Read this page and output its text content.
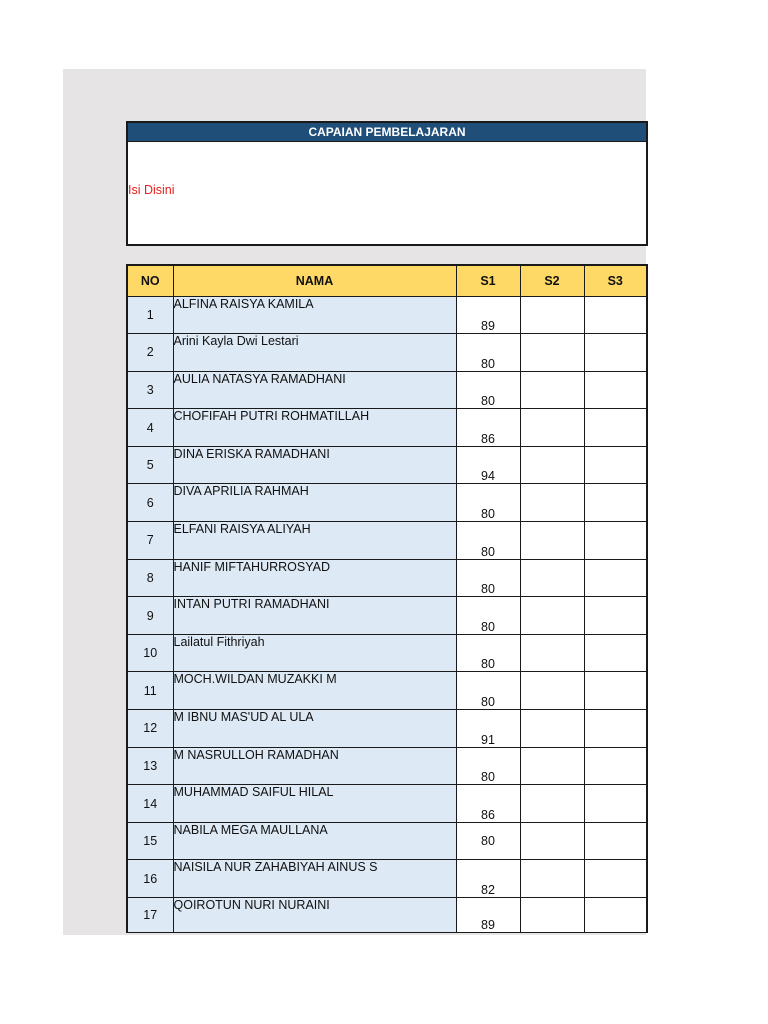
CAPAIAN PEMBELAJARAN
Isi Disini
NO	NAMA	S1	S2	S3
1	ALFINA RAISYA KAMILA	89		
2	Arini Kayla Dwi Lestari	80		
3	AULIA NATASYA RAMADHANI	80		
4	CHOFIFAH PUTRI ROHMATILLAH	86		
5	DINA ERISKA RAMADHANI	94		
6	DIVA APRILIA RAHMAH	80		
7	ELFANI RAISYA ALIYAH	80		
8	HANIF MIFTAHURROSYAD	80		
9	INTAN PUTRI RAMADHANI	80		
10	Lailatul Fithriyah	80		
11	MOCH.WILDAN MUZAKKI M	80		
12	M IBNU MAS'UD AL ULA	91		
13	M NASRULLOH RAMADHAN	80		
14	MUHAMMAD SAIFUL HILAL	86		
15	NABILA MEGA MAULLANA	80		
16	NAISILA NUR ZAHABIYAH AINUS S	82		
17	QOIROTUN NURI NURAINI	89		
